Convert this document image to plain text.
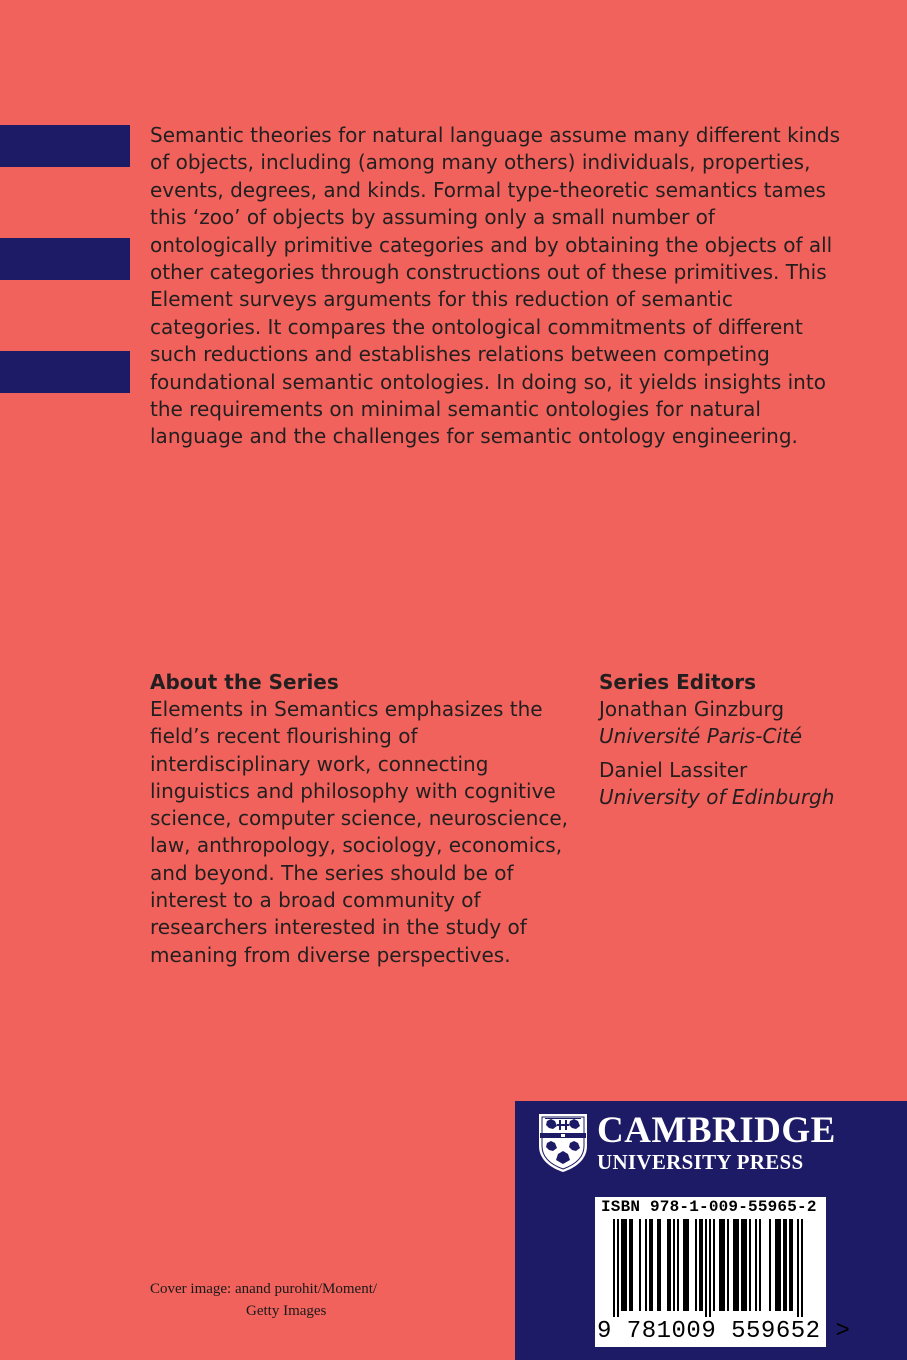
Semantic theories for natural language assume many different kinds of objects, including (among many others) individuals, properties, events, degrees, and kinds. Formal type-theoretic semantics tames this ‘zoo’ of objects by assuming only a small number of ontologically primitive categories and by obtaining the objects of all other categories through constructions out of these primitives. This Element surveys arguments for this reduction of semantic categories. It compares the ontological commitments of different such reductions and establishes relations between competing foundational semantic ontologies. In doing so, it yields insights into the requirements on minimal semantic ontologies for natural language and the challenges for semantic ontology engineering.

About the Series

Elements in Semantics emphasizes the field’s recent flourishing of interdisciplinary work, connecting linguistics and philosophy with cognitive science, computer science, neuroscience, law, anthropology, sociology, economics, and beyond. The series should be of interest to a broad community of researchers interested in the study of meaning from diverse perspectives.

Series Editors
Jonathan Ginzburg
Université Paris-Cité
Daniel Lassiter
University of Edinburgh
Cover image: anand purohit/Moment/
Getty Images
CAMBRIDGE
UNIVERSITY PRESS
ISBN 978-1-009-55965-2
9 781009 559652 >
